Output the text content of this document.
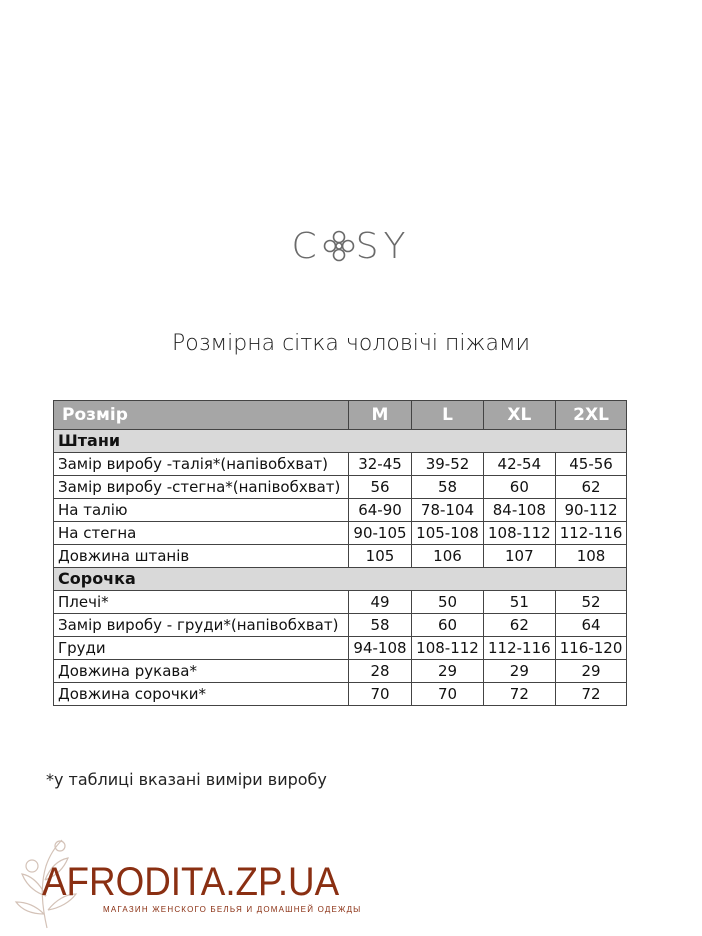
C SY
Розмірна сітка чоловічі піжами
Розмір	M	L	XL	2XL
Штани				
Замір виробу -талія*(напівобхват)	32-45	39-52	42-54	45-56
Замір виробу -стегна*(напівобхват)	56	58	60	62
На талію	64-90	78-104	84-108	90-112
На стегна	90-105	105-108	108-112	112-116
Довжина штанів	105	106	107	108
Сорочка				
Плечі*	49	50	51	52
Замір виробу - груди*(напівобхват)	58	60	62	64
Груди	94-108	108-112	112-116	116-120
Довжина рукава*	28	29	29	29
Довжина сорочки*	70	70	72	72
*у таблиці вказані виміри виробу
AFRODITA.ZP.UA
МАГАЗИН ЖЕНСКОГО БЕЛЬЯ И ДОМАШНЕЙ ОДЕЖДЫ
